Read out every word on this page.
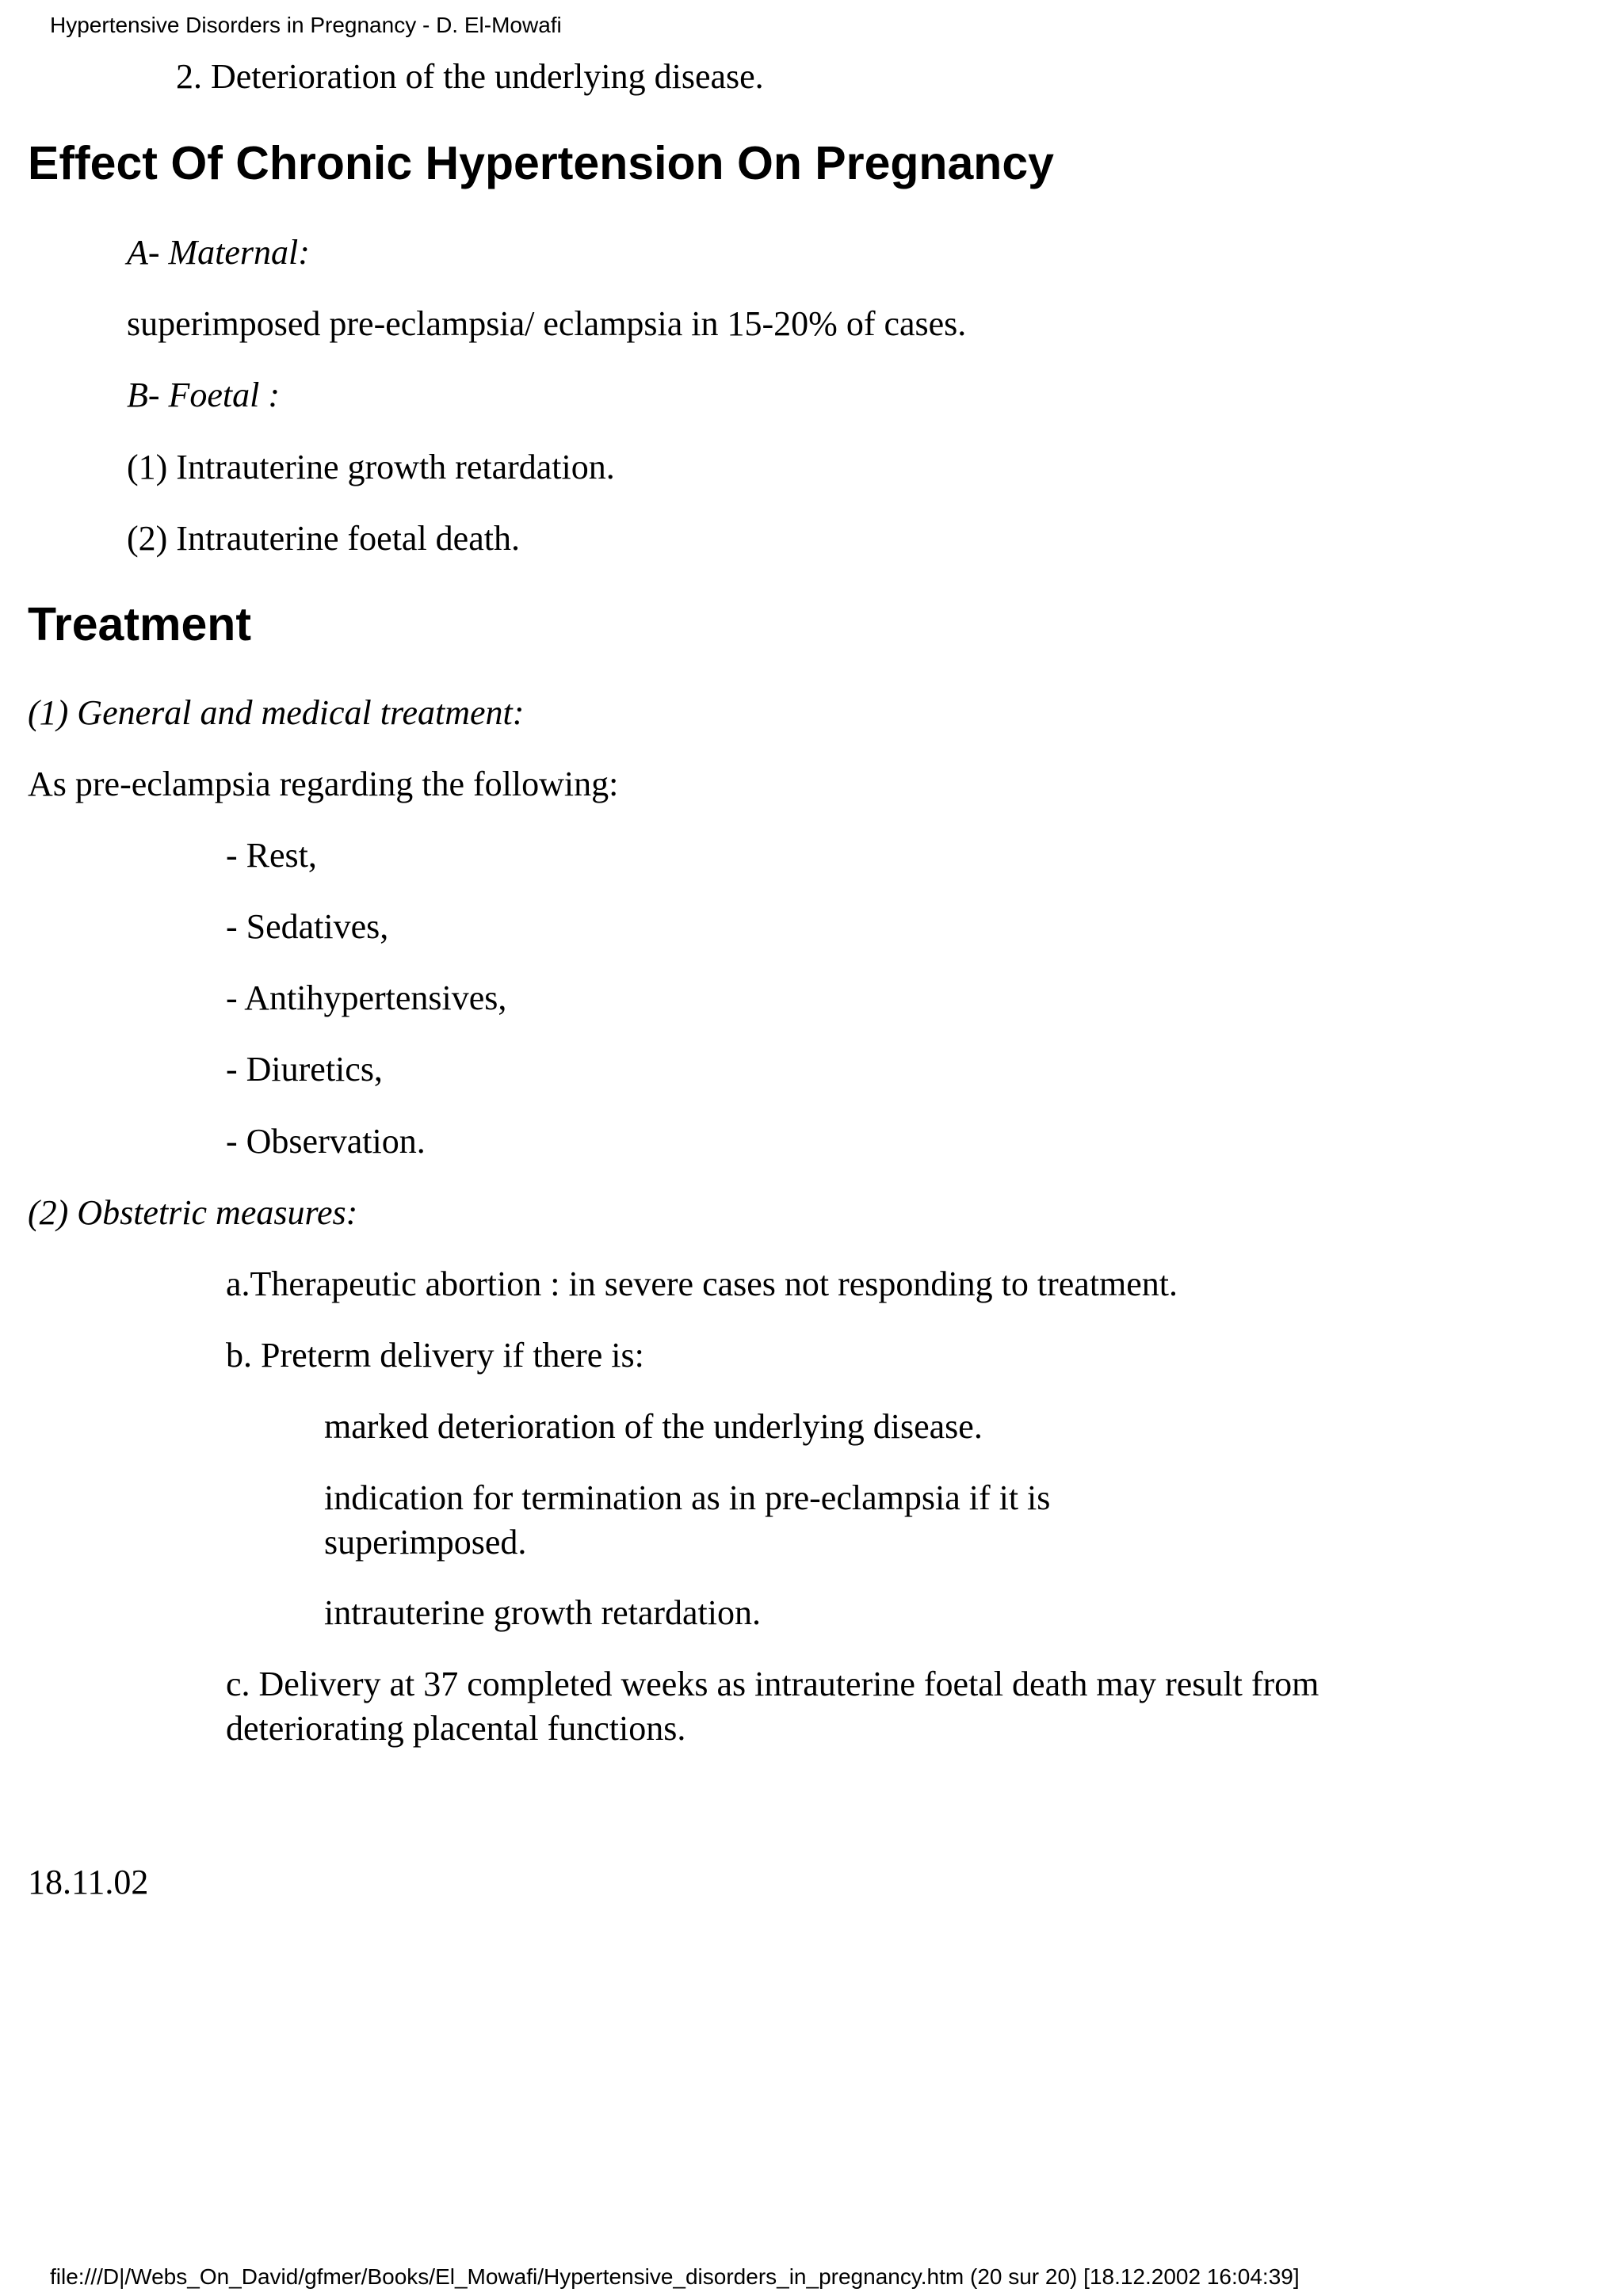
Hypertensive Disorders in Pregnancy - D. El-Mowafi
2. Deterioration of the underlying disease.
Effect Of Chronic Hypertension On Pregnancy
A- Maternal:
superimposed pre-eclampsia/ eclampsia in 15-20% of cases.
B- Foetal :
(1) Intrauterine growth retardation.
(2) Intrauterine foetal death.
Treatment
(1) General and medical treatment:
As pre-eclampsia regarding the following:
- Rest,
- Sedatives,
- Antihypertensives,
- Diuretics,
- Observation.
(2) Obstetric measures:
a.Therapeutic abortion : in severe cases not responding to treatment.
b. Preterm delivery if there is:
marked deterioration of the underlying disease.
indication for termination as in pre-eclampsia if it is superimposed.
intrauterine growth retardation.
c. Delivery at 37 completed weeks as intrauterine foetal death may result from deteriorating placental functions.
18.11.02
file:///D|/Webs_On_David/gfmer/Books/El_Mowafi/Hypertensive_disorders_in_pregnancy.htm (20 sur 20) [18.12.2002 16:04:39]
